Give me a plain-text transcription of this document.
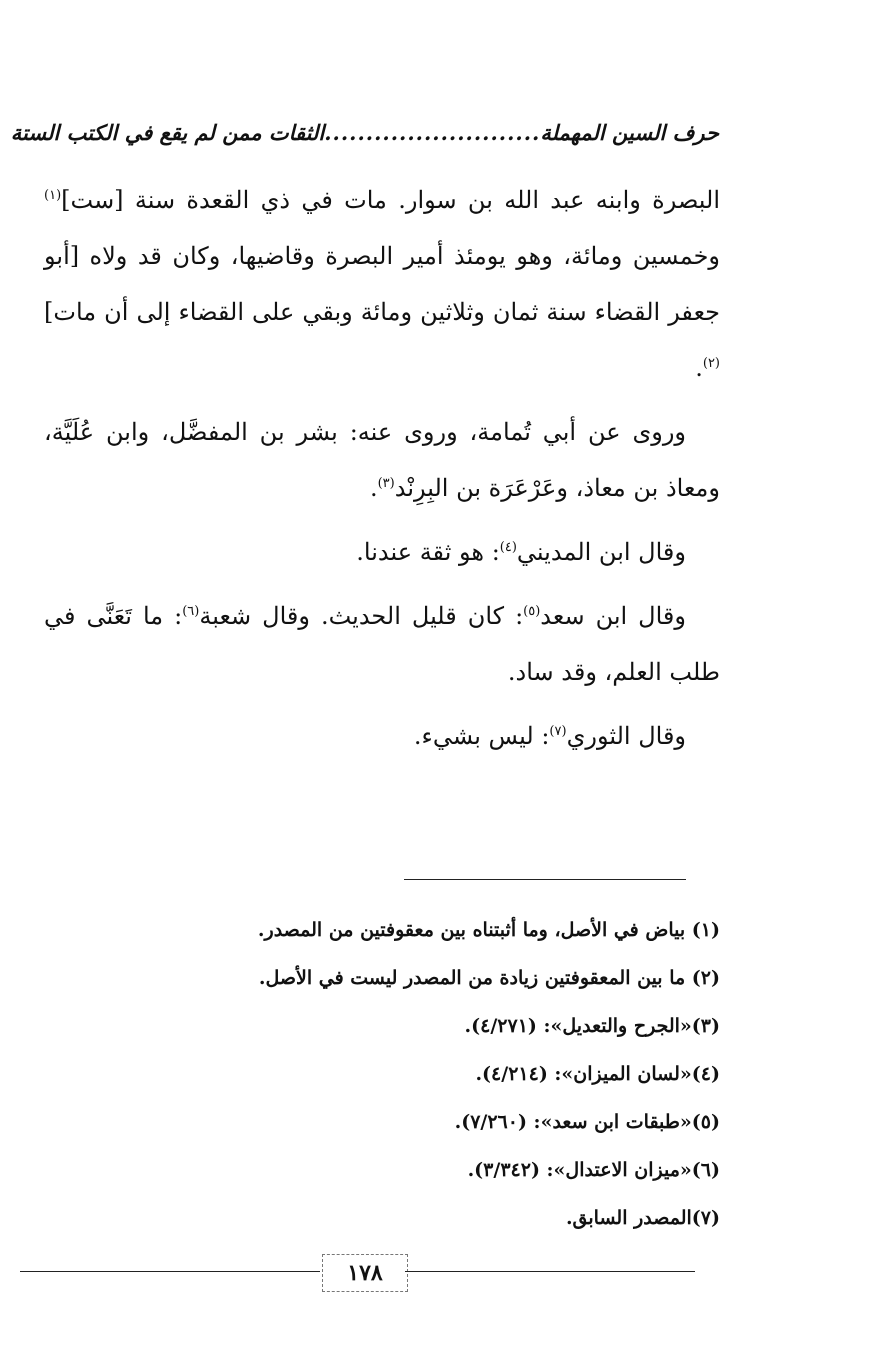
حرف السين المهملة
..........................
الثقات ممن لم يقع في الكتب الستة

البصرة وابنه عبد الله بن سوار. مات في ذي القعدة سنة [ست]$^{(١)}$ وخمسين ومائة، وهو يومئذ أمير البصرة وقاضيها، وكان قد ولاه [أبو جعفر القضاء سنة ثمان وثلاثين ومائة وبقي على القضاء إلى أن مات]$^{(٢)}$.

وروى عن أبي تُمامة، وروى عنه: بشر بن المفضَّل، وابن عُلَيَّة، ومعاذ بن معاذ، وعَرْعَرَة بن البِرِنْد$^{(٣)}$.

وقال ابن المديني$^{(٤)}$: هو ثقة عندنا.

وقال ابن سعد$^{(٥)}$: كان قليل الحديث. وقال شعبة$^{(٦)}$: ما تَعَنَّى في طلب العلم، وقد ساد.

وقال الثوري$^{(٧)}$: ليس بشيء.

(١) بياض في الأصل، وما أثبتناه بين معقوفتين من المصدر.
(٢) ما بين المعقوفتين زيادة من المصدر ليست في الأصل.
(٣)«الجرح والتعديل»: (٤/٢٧١).
(٤)«لسان الميزان»: (٤/٢١٤).
(٥)«طبقات ابن سعد»: (٧/٢٦٠).
(٦)«ميزان الاعتدال»: (٣/٣٤٢).
(٧)المصدر السابق.
١٧٨
